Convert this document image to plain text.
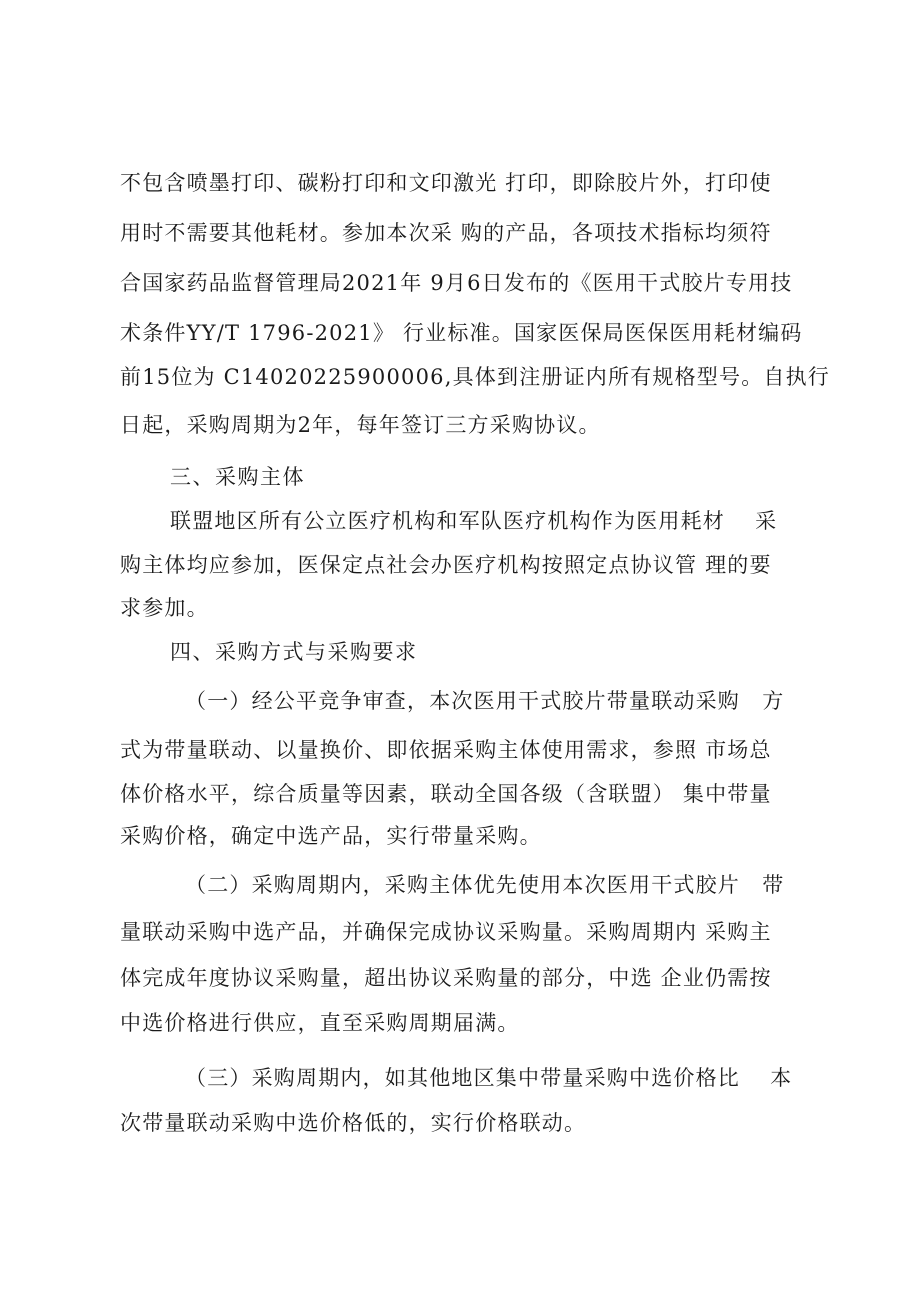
不包含喷墨打印、碳粉打印和文印激光 打印，即除胶片外，打印使
用时不需要其他耗材。参加本次采 购的产品，各项技术指标均须符
合国家药品监督管理局2021年 9月6日发布的《医用干式胶片专用技
术条件YY/T 1796-2021》 行业标准。国家医保局医保医用耗材编码
前15位为 C14020225900006,具体到注册证内所有规格型号。自执行
日起，采购周期为2年，每年签订三方采购协议。
三、采购主体
联盟地区所有公立医疗机构和军队医疗机构作为医用耗材　 采
购主体均应参加，医保定点社会办医疗机构按照定点协议管 理的要
求参加。
四、采购方式与采购要求
（一）经公平竞争审查，本次医用干式胶片带量联动采购　方
式为带量联动、以量换价、即依据采购主体使用需求，参照 市场总
体价格水平，综合质量等因素，联动全国各级（含联盟） 集中带量
采购价格，确定中选产品，实行带量采购。
（二）采购周期内，采购主体优先使用本次医用干式胶片　带
量联动采购中选产品，并确保完成协议采购量。采购周期内 采购主
体完成年度协议采购量，超出协议采购量的部分，中选 企业仍需按
中选价格进行供应，直至采购周期届满。
（三）采购周期内，如其他地区集中带量采购中选价格比　 本
次带量联动采购中选价格低的，实行价格联动。
